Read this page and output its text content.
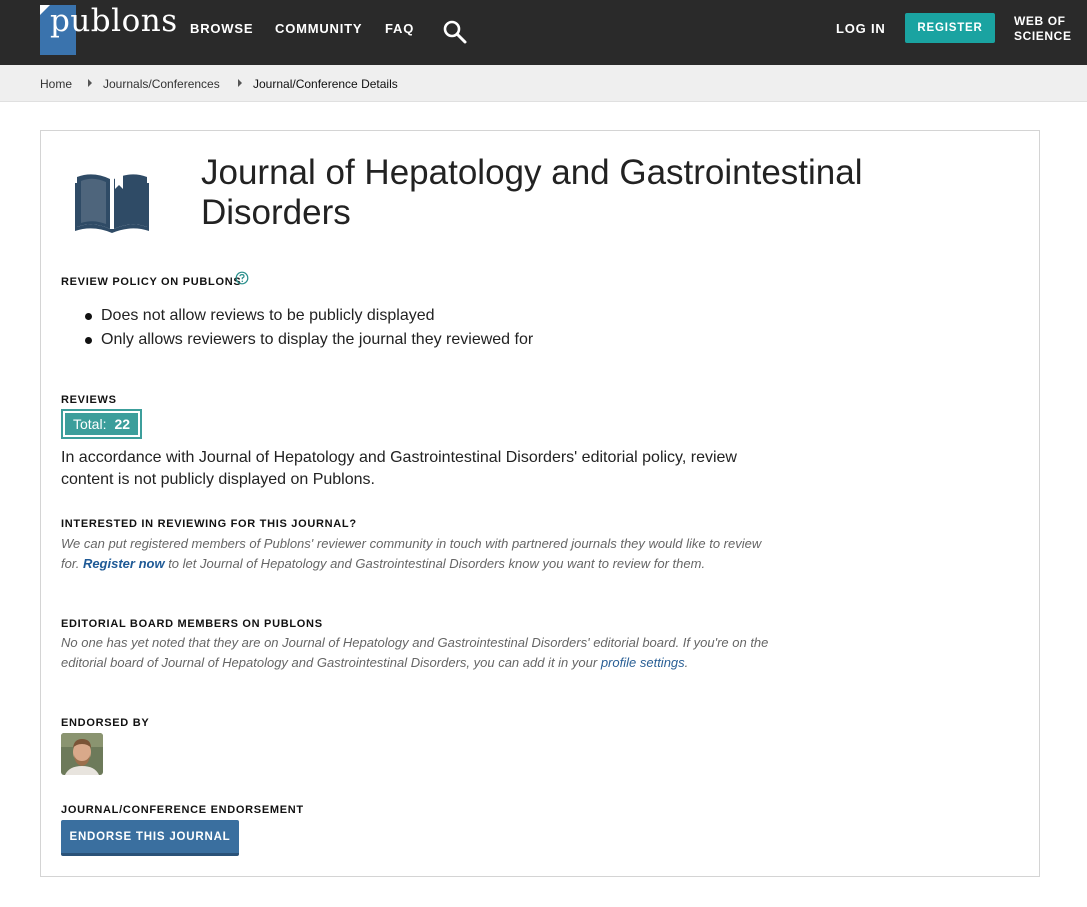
publons BROWSE COMMUNITY FAQ	LOG IN	REGISTER	WEB OF
SCIENCE
Home	Journals/Conferences	Journal/Conference Details
Journal of Hepatology and Gastrointestinal
Disorders
REVIEW POLICY ON PUBLONS
Does not allow reviews to be publicly displayed
Only allows reviewers to display the journal they reviewed for
REVIEWS
Total: 22
In accordance with Journal of Hepatology and Gastrointestinal Disorders' editorial policy, review
content is not publicly displayed on Publons.
INTERESTED IN REVIEWING FOR THIS JOURNAL?
We can put registered members of Publons' reviewer community in touch with partnered journals they would like to review
for. Register now to let Journal of Hepatology and Gastrointestinal Disorders know you want to review for them.
EDITORIAL BOARD MEMBERS ON PUBLONS
No one has yet noted that they are on Journal of Hepatology and Gastrointestinal Disorders' editorial board. If you're on the
editorial board of Journal of Hepatology and Gastrointestinal Disorders, you can add it in your profile settings.
ENDORSED BY
JOURNAL/CONFERENCE ENDORSEMENT
ENDORSE THIS JOURNAL
